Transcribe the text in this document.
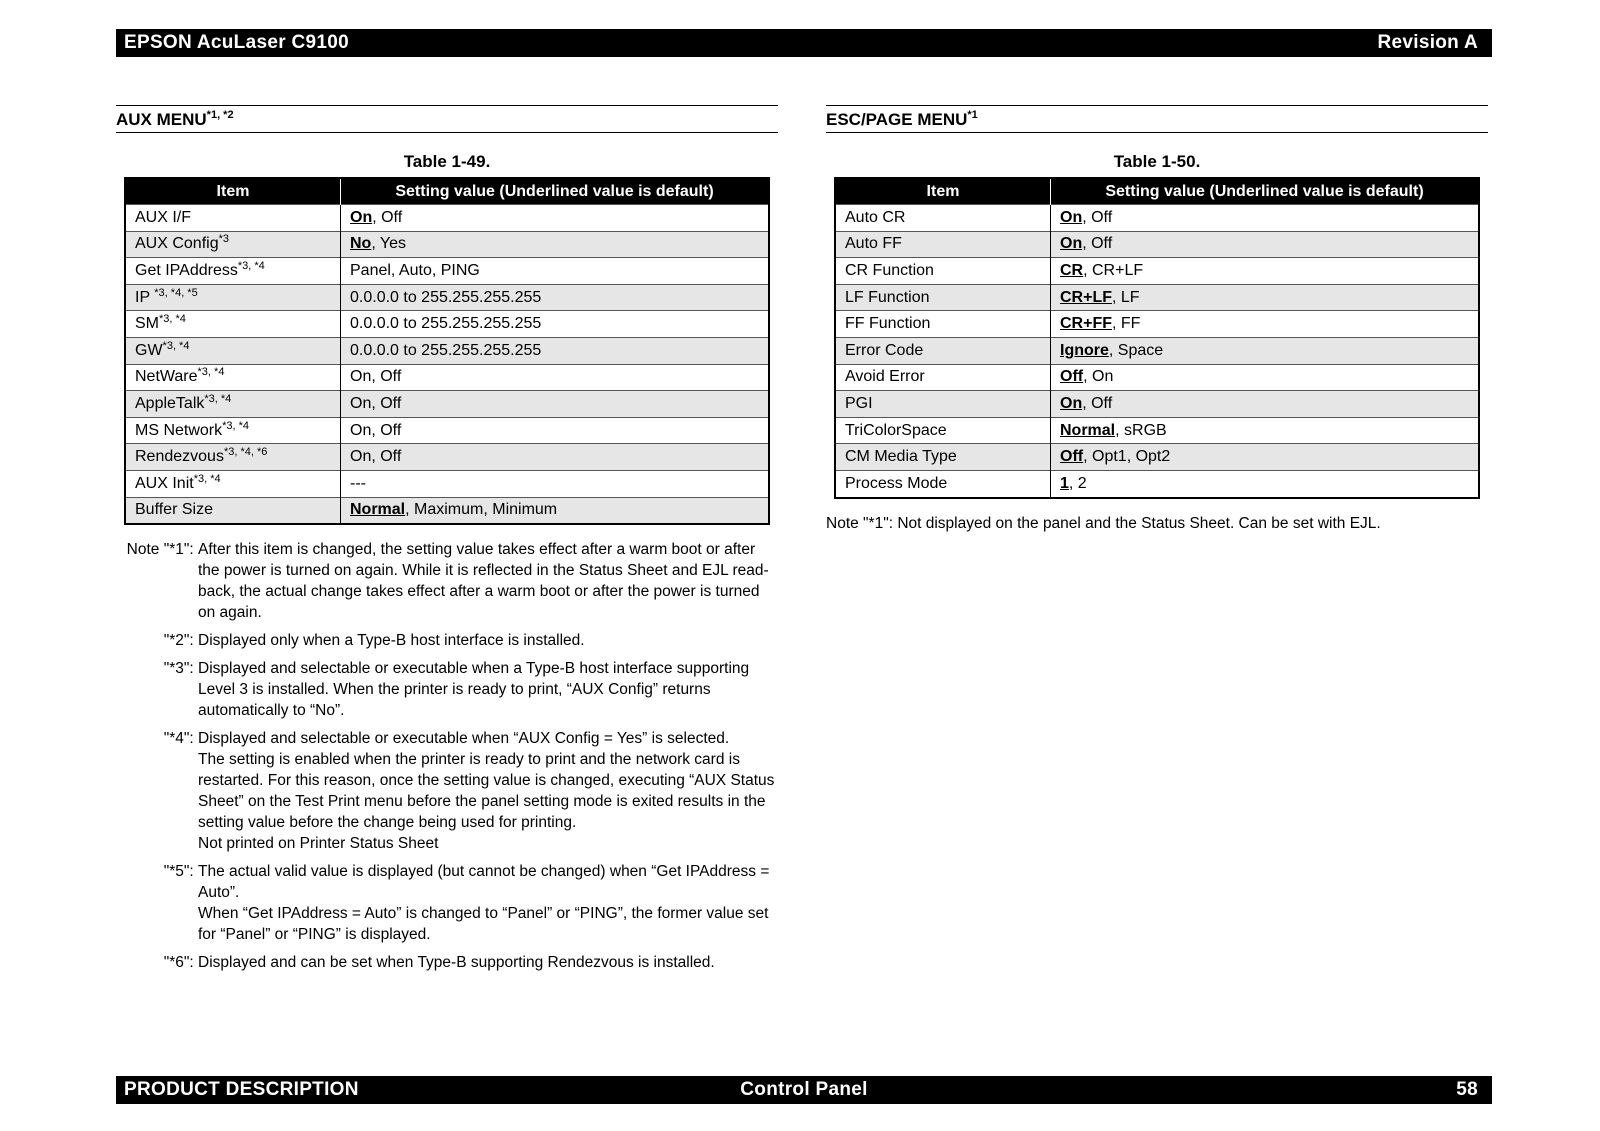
EPSON AcuLaser C9100	Revision A
AUX $MENU^{*1, *2}$
Table 1-49.
Item	Setting value (Underlined value is default)
AUX I/F	On, Off
AUX Config$^{*3}$	No, Yes
Get IPAddress$^{*3, *4}$	Panel, Auto, PING
IP $^{*3, *4, *5}$	0.0.0.0 to 255.255.255.255
$SM^{*3, *4}$	0.0.0.0 to 255.255.255.255
$GW^{*3, *4}$	0.0.0.0 to 255.255.255.255
NetWare$^{*3, *4}$	On, Off
AppleTalk$^{*3, *4}$	On, Off
MS Network$^{*3, *4}$	On, Off
Rendezvous$^{*3, *4, *6}$	On, Off
AUX Init$^{*3, *4}$	---
Buffer Size	Normal, Maximum, Minimum
Note "*1": After this item is changed, the setting value takes effect after a warm boot or after the power is turned on again. While it is reflected in the Status Sheet and EJL read-back, the actual change takes effect after a warm boot or after the power is turned on again.

"*2": Displayed only when a Type-B host interface is installed.

"*3": Displayed and selectable or executable when a Type-B host interface supporting Level 3 is installed. When the printer is ready to print, “AUX Config” returns automatically to “No”.

"*4": Displayed and selectable or executable when “AUX Config = Yes” is selected.

The setting is enabled when the printer is ready to print and the network card is restarted. For this reason, once the setting value is changed, executing “AUX Status Sheet” on the Test Print menu before the panel setting mode is exited results in the setting value before the change being used for printing.

Not printed on Printer Status Sheet

"*5": The actual valid value is displayed (but cannot be changed) when “Get IPAddress = Auto”.

When “Get IPAddress = Auto” is changed to “Panel” or “PING”, the former value set for “Panel” or “PING” is displayed.

"*6": Displayed and can be set when Type-B supporting Rendezvous is installed.

ESC/PAGE MENU$^{*1}$
Table 1-50.
Item	Setting value (Underlined value is default)
Auto CR	On, Off
Auto FF	On, Off
CR Function	CR, CR+LF
LF Function	CR+LF, LF
FF Function	CR+FF, FF
Error Code	Ignore, Space
Avoid Error	Off, On
PGI	On, Off
TriColorSpace	Normal, sRGB
CM Media Type	Off, Opt1, Opt2
Process Mode	1, 2
Note "*1": Not displayed on the panel and the Status Sheet. Can be set with EJL.
Control Panel
PRODUCT DESCRIPTION	58
